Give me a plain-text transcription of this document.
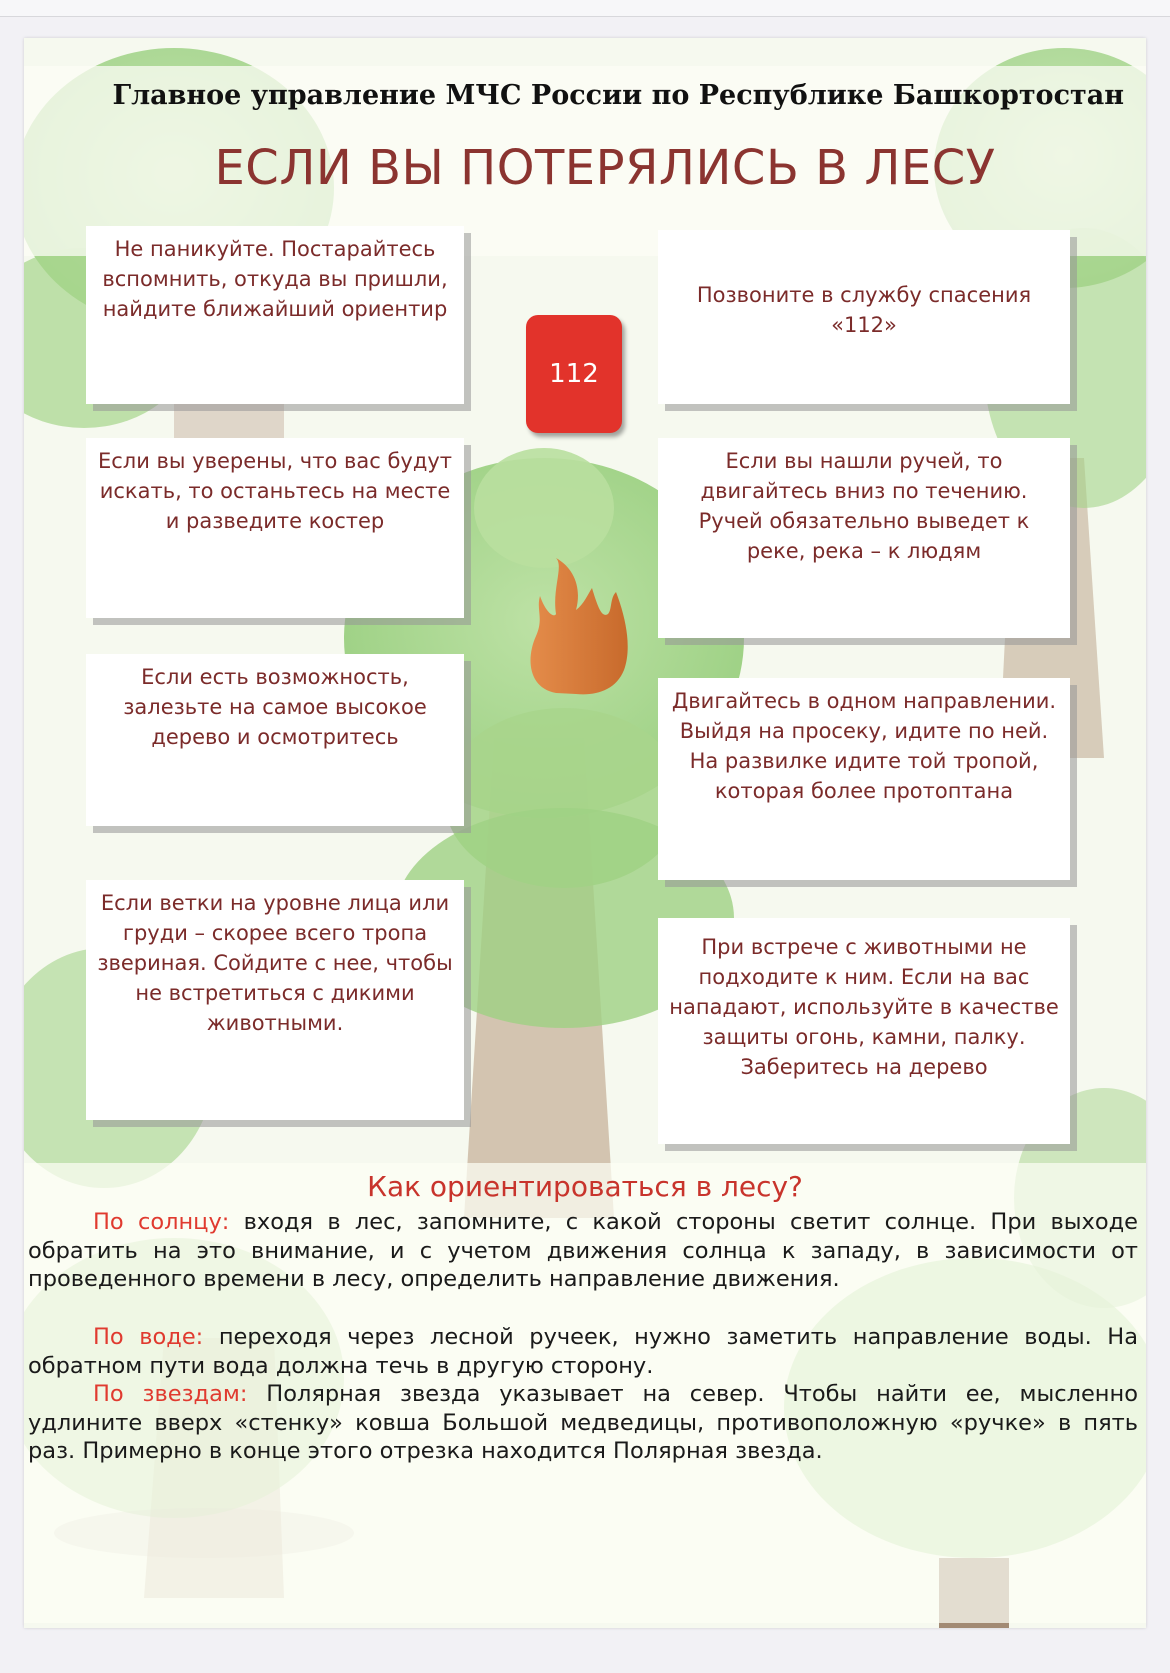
Главное управление МЧС России по Республике Башкортостан
ЕСЛИ ВЫ ПОТЕРЯЛИСЬ В ЛЕСУ
Не паникуйте. Постарайтесь вспомнить, откуда вы пришли, найдите ближайший ориентир
Позвоните в службу спасения «112»
112
Если вы уверены, что вас будут искать, то останьтесь на месте и разведите костер
Если вы нашли ручей, то двигайтесь вниз по течению. Ручей обязательно выведет к реке, река – к людям
Если есть возможность, залезьте на самое высокое дерево и осмотритесь
Двигайтесь в одном направлении. Выйдя на просеку, идите по ней. На развилке идите той тропой, которая более протоптана
Если ветки на уровне лица или груди – скорее всего тропа звериная. Сойдите с нее, чтобы не встретиться с дикими животными.
При встрече с животными не подходите к ним. Если на вас нападают, используйте в качестве защиты огонь, камни, палку. Заберитесь на дерево
Как ориентироваться в лесу?
По солнцу: входя в лес, запомните, с какой стороны светит солнце. При выходе обратить на это внимание, и с учетом движения солнца к западу, в зависимости от проведенного времени в лесу, определить направление движения.
По воде: переходя через лесной ручеек, нужно заметить направление воды. На обратном пути вода должна течь в другую сторону.
По звездам: Полярная звезда указывает на север. Чтобы найти ее, мысленно удлините вверх «стенку» ковша Большой медведицы, противоположную «ручке» в пять раз. Примерно в конце этого отрезка находится Полярная звезда.
